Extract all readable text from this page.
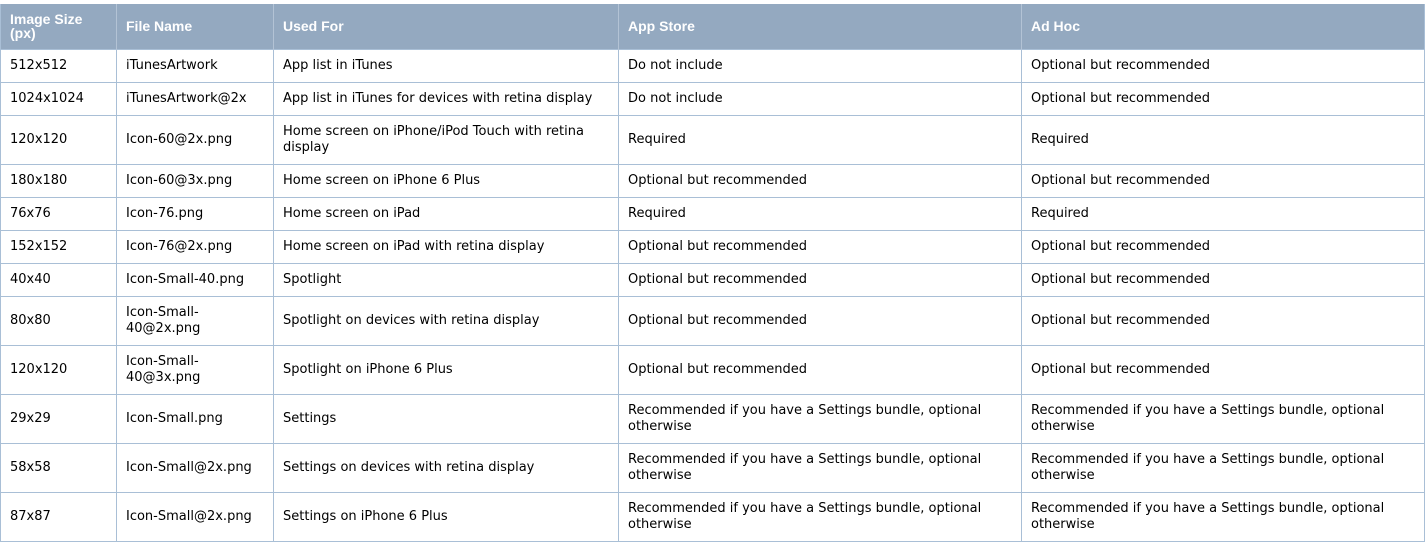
Image Size (px)	File Name	Used For	App Store	Ad Hoc
512x512	iTunesArtwork	App list in iTunes	Do not include	Optional but recommended
1024x1024	iTunesArtwork@2x	App list in iTunes for devices with retina display	Do not include	Optional but recommended
120x120	Icon-60@2x.png	Home screen on iPhone/iPod Touch with retina display	Required	Required
180x180	Icon-60@3x.png	Home screen on iPhone 6 Plus	Optional but recommended	Optional but recommended
76x76	Icon-76.png	Home screen on iPad	Required	Required
152x152	Icon-76@2x.png	Home screen on iPad with retina display	Optional but recommended	Optional but recommended
40x40	Icon-Small-40.png	Spotlight	Optional but recommended	Optional but recommended
80x80	Icon-Small-40@2x.png	Spotlight on devices with retina display	Optional but recommended	Optional but recommended
120x120	Icon-Small-40@3x.png	Spotlight on iPhone 6 Plus	Optional but recommended	Optional but recommended
29x29	Icon-Small.png	Settings	Recommended if you have a Settings bundle, optional otherwise	Recommended if you have a Settings bundle, optional otherwise
58x58	Icon-Small@2x.png	Settings on devices with retina display	Recommended if you have a Settings bundle, optional otherwise	Recommended if you have a Settings bundle, optional otherwise
87x87	Icon-Small@2x.png	Settings on iPhone 6 Plus	Recommended if you have a Settings bundle, optional otherwise	Recommended if you have a Settings bundle, optional otherwise
